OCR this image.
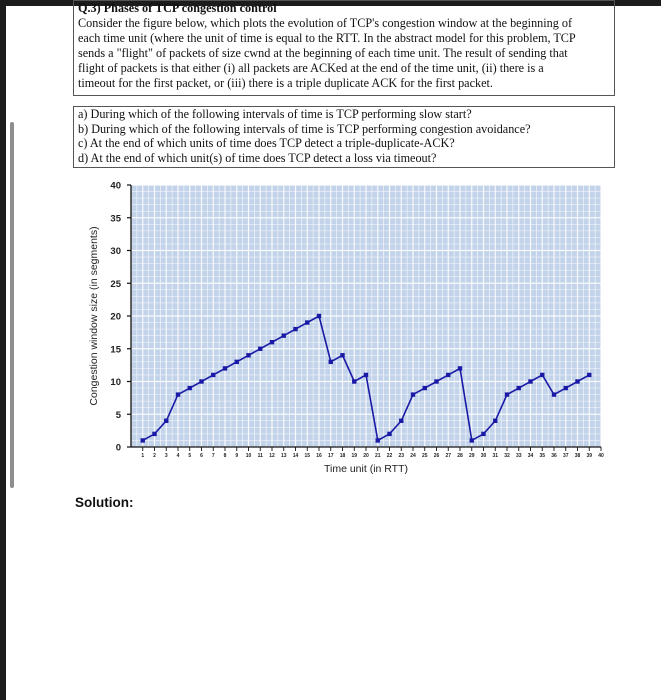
Q.3) Phases of TCP congestion control
Consider the figure below, which plots the evolution of TCP's congestion window at the beginning of
each time unit (where the unit of time is equal to the RTT. In the abstract model for this problem, TCP
sends a "flight" of packets of size cwnd at the beginning of each time unit. The result of sending that
flight of packets is that either (i) all packets are ACKed at the end of the time unit, (ii) there is a
timeout for the first packet, or (iii) there is a triple duplicate ACK for the first packet.
a) During which of the following intervals of time is TCP performing slow start?
b) During which of the following intervals of time is TCP performing congestion avoidance?
c) At the end of which units of time does TCP detect a triple-duplicate-ACK?
d) At the end of which unit(s) of time does TCP detect a loss via timeout?
0
5
10
15
20
25
30
35
40
1 2 3 4 5 6 7 8 9 10 11 12 13 14 15 16 17 18 19 20 21 22 23 24 25 26 27 28 29 30 31 32 33 34 35 36 37 38 39 40
Time unit (in RTT)
Congestion window size (in segments)
Solution:
